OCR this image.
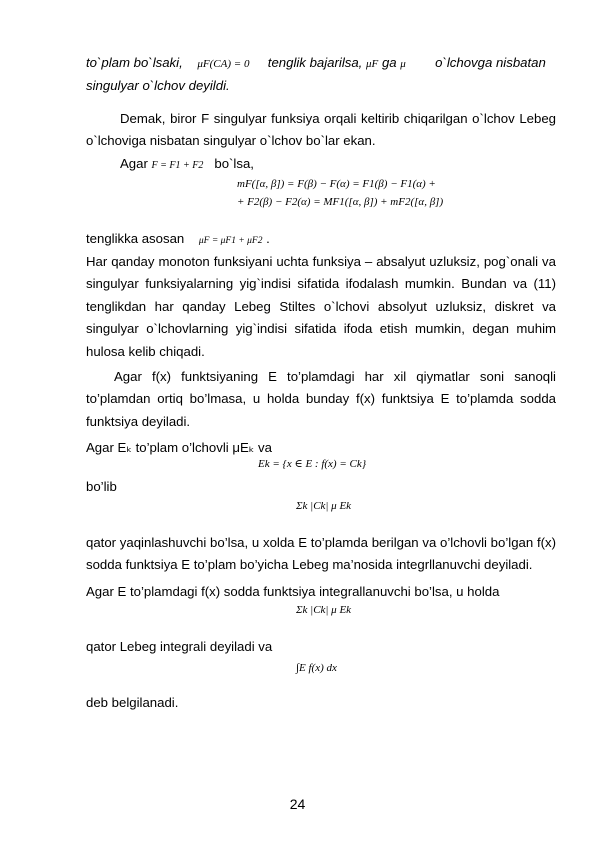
to`plam bo`lsaki, μF(CA) = 0 tenglik bajarilsa, μF ga μ o`lchovga nisbatan
singulyar o`lchov deyildi.
Demak, biror F singulyar funksiya orqali keltirib chiqarilgan o`lchov Lebeg o`lchoviga nisbatan singulyar o`lchov bo`lar ekan.
Agar F = F1 + F2 bo`lsa,
mF([α, β]) = F(β) − F(α) = F1(β) − F1(α) +
+ F2(β) − F2(α) = MF1([α, β]) + mF2([α, β])
tenglikka asosan μF = μF1 + μF2 .
Har qanday monoton funksiyani uchta funksiya – absalyut uzluksiz, pog`onali va singulyar funksiyalarning yig`indisi sifatida ifodalash mumkin. Bundan va (11) tenglikdan har qanday Lebeg Stiltes o`lchovi absolyut uzluksiz, diskret va singulyar o`lchovlarning yig`indisi sifatida ifoda etish mumkin, degan muhim hulosa kelib chiqadi.
Agar f(x) funktsiyaning E to’plamdagi har xil qiymatlar soni sanoqli to’plamdan ortiq bo’lmasa, u holda bunday f(x) funktsiya E to’plamda sodda funktsiya deyiladi.
Agar Eₖ to’plam o’lchovli μEₖ va
Ek = {x ∈ E : f(x) = Ck}
bo’lib
Σk |Ck| μ Ek
qator yaqinlashuvchi bo’lsa, u xolda E to’plamda berilgan va o’lchovli bo’lgan f(x) sodda funktsiya E to’plam bo’yicha Lebeg ma’nosida integrllanuvchi deyiladi.
Agar E to’plamdagi f(x) sodda funktsiya integrallanuvchi bo’lsa, u holda
Σk |Ck| μ Ek
qator Lebeg integrali deyiladi va
∫E f(x) dx
deb belgilanadi.
24
